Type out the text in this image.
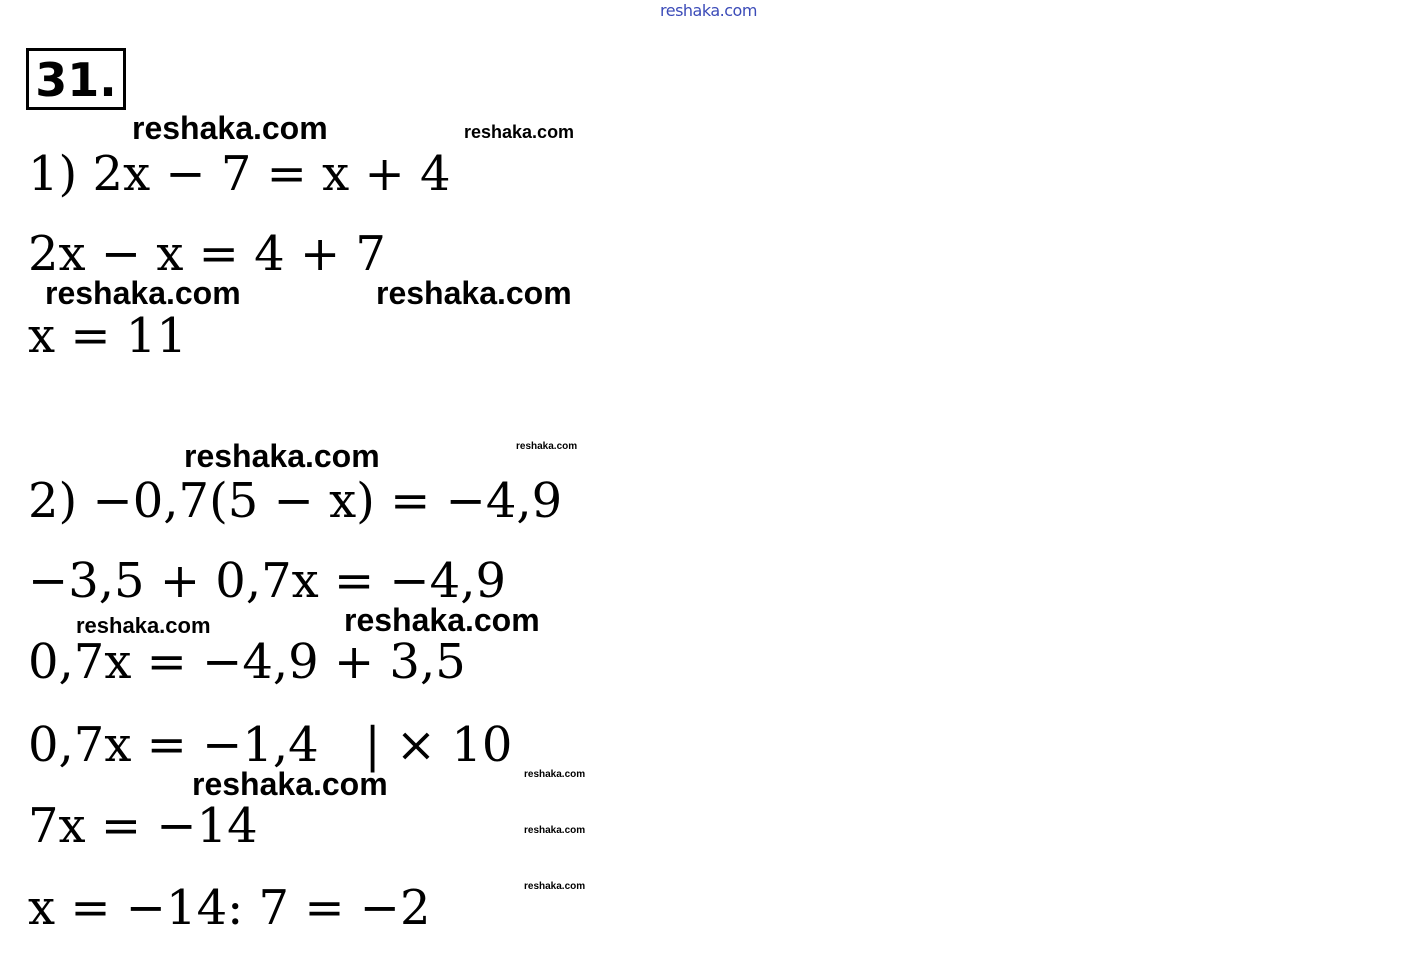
reshaka.com
31.
1) 2x − 7 = x + 4
2x − x = 4 + 7
x = 11
2) −0,7(5 − x) = −4,9
−3,5 + 0,7x = −4,9
0,7x = −4,9 + 3,5
0,7x = −1,4   | × 10
7x = −14
x = −14: 7 = −2
reshaka.com	reshaka.com
reshaka.com	reshaka.com
reshaka.com	reshaka.com
reshaka.com	reshaka.com
reshaka.com	reshaka.com
reshaka.com
reshaka.com
